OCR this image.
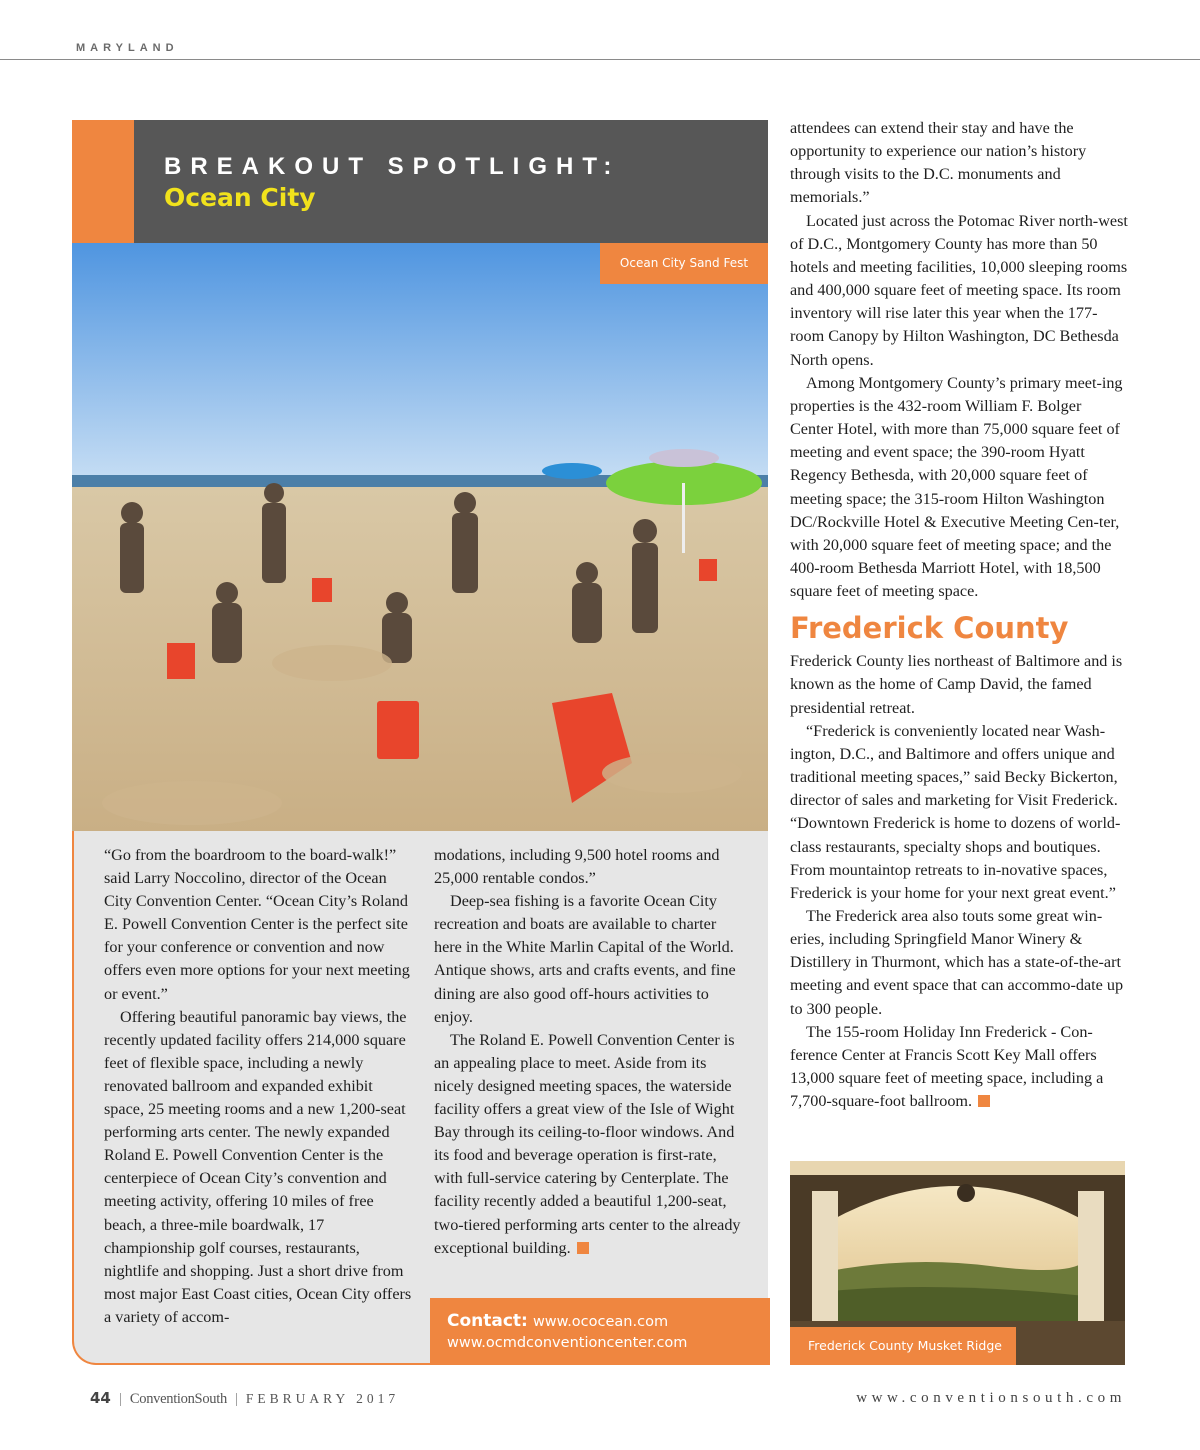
MARYLAND
BREAKOUT SPOTLIGHT:
Ocean City
Ocean City Sand Fest

“Go from the boardroom to the board-walk!” said Larry Noccolino, director of the Ocean City Convention Center. “Ocean City’s Roland E. Powell Convention Center is the perfect site for your conference or convention and now offers even more options for your next meeting or event.”

Offering beautiful panoramic bay views, the recently updated facility offers 214,000 square feet of flexible space, including a newly renovated ballroom and expanded exhibit space, 25 meeting rooms and a new 1,200-seat performing arts center. The newly expanded Roland E. Powell Convention Center is the centerpiece of Ocean City’s convention and meeting activity, offering 10 miles of free beach, a three-mile boardwalk, 17 championship golf courses, restaurants, nightlife and shopping. Just a short drive from most major East Coast cities, Ocean City offers a variety of accom-

modations, including 9,500 hotel rooms and 25,000 rentable condos.”

Deep-sea fishing is a favorite Ocean City recreation and boats are available to charter here in the White Marlin Capital of the World. Antique shows, arts and crafts events, and fine dining are also good off-hours activities to enjoy.

The Roland E. Powell Convention Center is an appealing place to meet. Aside from its nicely designed meeting spaces, the waterside facility offers a great view of the Isle of Wight Bay through its ceiling-to-floor windows. And its food and beverage operation is first-rate, with full-service catering by Centerplate. The facility recently added a beautiful 1,200-seat, two-tiered performing arts center to the already exceptional building.

Contact: www.ococean.com
www.ocmdconventioncenter.com

attendees can extend their stay and have the opportunity to experience our nation’s history through visits to the D.C. monuments and memorials.”

Located just across the Potomac River north-west of D.C., Montgomery County has more than 50 hotels and meeting facilities, 10,000 sleeping rooms and 400,000 square feet of meeting space. Its room inventory will rise later this year when the 177-room Canopy by Hilton Washington, DC Bethesda North opens.

Among Montgomery County’s primary meet-ing properties is the 432-room William F. Bolger Center Hotel, with more than 75,000 square feet of meeting and event space; the 390-room Hyatt Regency Bethesda, with 20,000 square feet of meeting space; the 315-room Hilton Washington DC/Rockville Hotel & Executive Meeting Cen-ter, with 20,000 square feet of meeting space; and the 400-room Bethesda Marriott Hotel, with 18,500 square feet of meeting space.

Frederick County

Frederick County lies northeast of Baltimore and is known as the home of Camp David, the famed presidential retreat.

“Frederick is conveniently located near Wash-ington, D.C., and Baltimore and offers unique and traditional meeting spaces,” said Becky Bickerton, director of sales and marketing for Visit Frederick. “Downtown Frederick is home to dozens of world-class restaurants, specialty shops and boutiques. From mountaintop retreats to in-novative spaces, Frederick is your home for your next great event.”

The Frederick area also touts some great win-eries, including Springfield Manor Winery & Distillery in Thurmont, which has a state-of-the-art meeting and event space that can accommo-date up to 300 people.

The 155-room Holiday Inn Frederick - Con-ference Center at Francis Scott Key Mall offers 13,000 square feet of meeting space, including a 7,700-square-foot ballroom.

Frederick County Musket Ridge
44 | ConventionSouth | FEBRUARY 2017	www.conventionsouth.com
